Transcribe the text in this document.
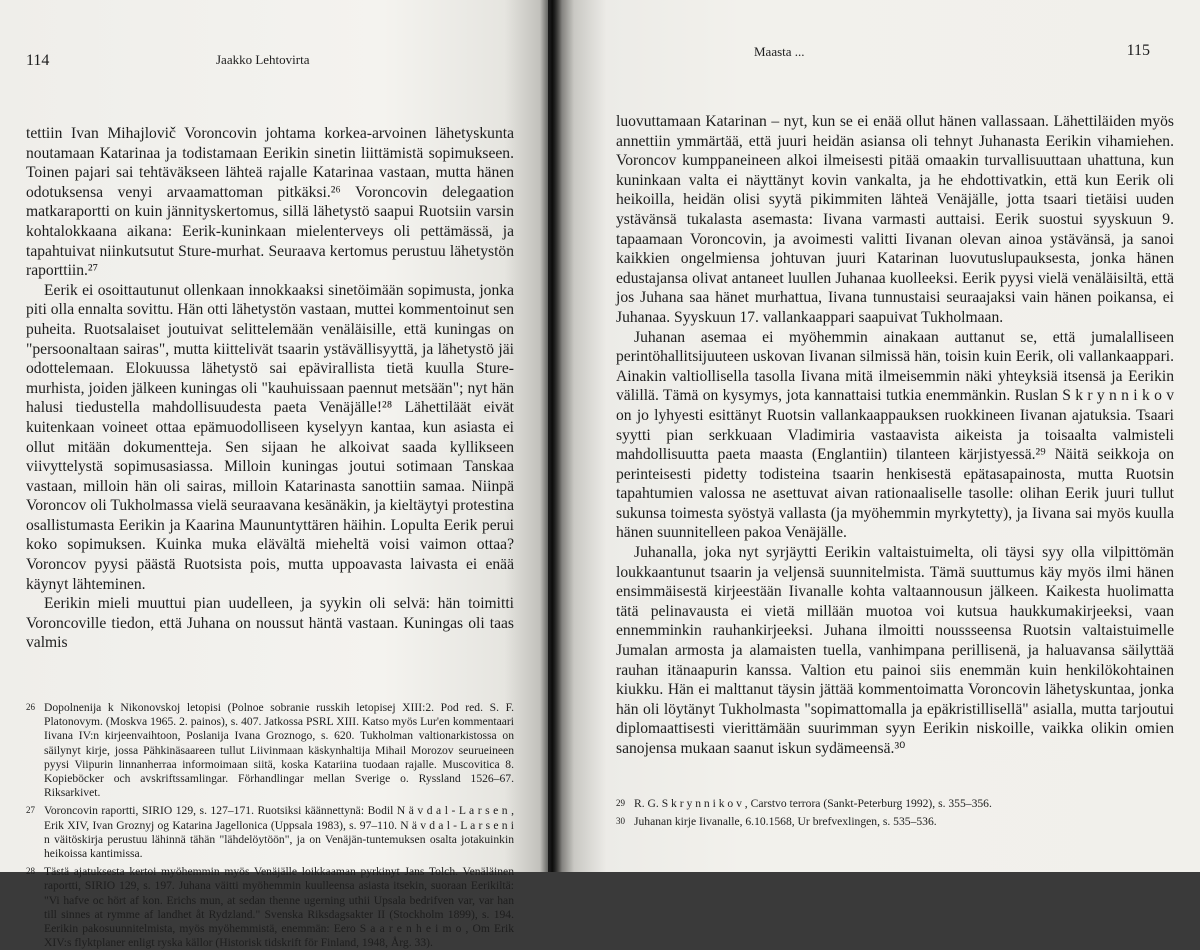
114	Jaakko Lehtovirta

tettiin Ivan Mihajlovič Voroncovin johtama korkea-arvoinen lähetyskunta noutamaan Katarinaa ja todistamaan Eerikin sinetin liittämistä sopimukseen. Toinen pajari sai tehtäväkseen lähteä rajalle Katarinaa vastaan, mutta hänen odotuksensa venyi arvaamattoman pitkäksi.²⁶ Voroncovin delegaation matkaraportti on kuin jännityskertomus, sillä lähetystö saapui Ruotsiin varsin kohtalokkaana aikana: Eerik-kuninkaan mielenterveys oli pettämässä, ja tapahtuivat niinkutsutut Sture-murhat. Seuraava kertomus perustuu lähetystön raporttiin.²⁷

Eerik ei osoittautunut ollenkaan innokkaaksi sinetöimään sopimusta, jonka piti olla ennalta sovittu. Hän otti lähetystön vastaan, muttei kommentoinut sen puheita. Ruotsalaiset joutuivat selittelemään venäläisille, että kuningas on "persoonaltaan sairas", mutta kiittelivät tsaarin ystävällisyyttä, ja lähetystö jäi odottelemaan. Elokuussa lähetystö sai epävirallista tietä kuulla Sture-murhista, joiden jälkeen kuningas oli "kauhuissaan paennut metsään"; nyt hän halusi tiedustella mahdollisuudesta paeta Venäjälle!²⁸ Lähettiläät eivät kuitenkaan voineet ottaa epämuodolliseen kyselyyn kantaa, kun asiasta ei ollut mitään dokumentteja. Sen sijaan he alkoivat saada kyllikseen viivyttelystä sopimusasiassa. Milloin kuningas joutui sotimaan Tanskaa vastaan, milloin hän oli sairas, milloin Katarinasta sanottiin samaa. Niinpä Voroncov oli Tukholmassa vielä seuraavana kesänäkin, ja kieltäytyi protestina osallistumasta Eerikin ja Kaarina Maununtyttären häihin. Lopulta Eerik perui koko sopimuksen. Kuinka muka elävältä mieheltä voisi vaimon ottaa? Voroncov pyysi päästä Ruotsista pois, mutta uppoavasta laivasta ei enää käynyt lähteminen.

Eerikin mieli muuttui pian uudelleen, ja syykin oli selvä: hän toimitti Voroncoville tiedon, että Juhana on noussut häntä vastaan. Kuningas oli taas valmis

26 Dopolnenija k Nikonovskoj letopisi (Polnoe sobranie russkih letopisej XIII:2. Pod red. S. F. Platonovym. (Moskva 1965. 2. painos), s. 407. Jatkossa PSRL XIII. Katso myös Lur'en kommentaari Iivana IV:n kirjeenvaihtoon, Poslanija Ivana Groznogo, s. 620. Tukholman valtionarkistossa on säilynyt kirje, jossa Pähkinäsaareen tullut Liivinmaan käskynhaltija Mihail Morozov seurueineen pyysi Viipurin linnanherraa informoimaan siitä, koska Katariina tuodaan rajalle. Muscovitica 8. Kopieböcker och avskriftssamlingar. Förhandlingar mellan Sverige o. Ryssland 1526–67. Riksarkivet.
27 Voroncovin raportti, SIRIO 129, s. 127–171. Ruotsiksi käännettynä: Bodil N ä v d a l - L a r s e n , Erik XIV, Ivan Groznyj og Katarina Jagellonica (Uppsala 1983), s. 97–110. N ä v d a l - L a r s e n i n väitöskirja perustuu lähinnä tähän "lähdelöytöön", ja on Venäjän-tuntemuksen osalta jotakuinkin heikoissa kantimissa.
28 Tästä ajatuksesta kertoi myöhemmin myös Venäjälle loikkaaman pyrkinyt Jans Tolch. Venäläinen raportti, SIRIO 129, s. 197. Juhana väitti myöhemmin kuulleensa asiasta itsekin, suoraan Eerikiltä: "Vi hafve oc hört af kon. Erichs mun, at sedan thenne ugerning uthii Upsala bedrifven var, var han till sinnes at rymme af landhet åt Rydzland." Svenska Riksdagsakter II (Stockholm 1899), s. 194. Eerikin pakosuunnitelmista, myös myöhemmistä, enemmän: Eero S a a r e n h e i m o , Om Erik XIV:s flyktplaner enligt ryska källor (Historisk tidskrift för Finland, 1948, Årg. 33).
Maasta ...	115

luovuttamaan Katarinan – nyt, kun se ei enää ollut hänen vallassaan. Lähettiläiden myös annettiin ymmärtää, että juuri heidän asiansa oli tehnyt Juhanasta Eerikin vihamiehen. Voroncov kumppaneineen alkoi ilmeisesti pitää omaakin turvallisuuttaan uhattuna, kun kuninkaan valta ei näyttänyt kovin vankalta, ja he ehdottivatkin, että kun Eerik oli heikoilla, heidän olisi syytä pikimmiten lähteä Venäjälle, jotta tsaari tietäisi uuden ystävänsä tukalasta asemasta: Iivana varmasti auttaisi. Eerik suostui syyskuun 9. tapaamaan Voroncovin, ja avoimesti valitti Iivanan olevan ainoa ystävänsä, ja sanoi kaikkien ongelmiensa johtuvan juuri Katarinan luovutuslupauksesta, jonka hänen edustajansa olivat antaneet luullen Juhanaa kuolleeksi. Eerik pyysi vielä venäläisiltä, että jos Juhana saa hänet murhattua, Iivana tunnustaisi seuraajaksi vain hänen poikansa, ei Juhanaa. Syyskuun 17. vallankaappari saapuivat Tukholmaan.

Juhanan asemaa ei myöhemmin ainakaan auttanut se, että jumalalliseen perintöhallitsijuuteen uskovan Iivanan silmissä hän, toisin kuin Eerik, oli vallankaappari. Ainakin valtiollisella tasolla Iivana mitä ilmeisemmin näki yhteyksiä itsensä ja Eerikin välillä. Tämä on kysymys, jota kannattaisi tutkia enemmänkin. Ruslan S k r y n n i k o v on jo lyhyesti esittänyt Ruotsin vallankaappauksen ruokkineen Iivanan ajatuksia. Tsaari syytti pian serkkuaan Vladimiria vastaavista aikeista ja toisaalta valmisteli mahdollisuutta paeta maasta (Englantiin) tilanteen kärjistyessä.²⁹ Näitä seikkoja on perinteisesti pidetty todisteina tsaarin henkisestä epätasapainosta, mutta Ruotsin tapahtumien valossa ne asettuvat aivan rationaaliselle tasolle: olihan Eerik juuri tullut sukunsa toimesta syöstyä vallasta (ja myöhemmin myrkytetty), ja Iivana sai myös kuulla hänen suunnitelleen pakoa Venäjälle.

Juhanalla, joka nyt syrjäytti Eerikin valtaistuimelta, oli täysi syy olla vilpittömän loukkaantunut tsaarin ja veljensä suunnitelmista. Tämä suuttumus käy myös ilmi hänen ensimmäisestä kirjeestään Iivanalle kohta valtaannousun jälkeen. Kaikesta huolimatta tätä pelinavausta ei vietä millään muotoa voi kutsua haukkumakirjeeksi, vaan ennemminkin rauhankirjeeksi. Juhana ilmoitti noussseensa Ruotsin valtaistuimelle Jumalan armosta ja alamaisten tuella, vanhimpana perillisenä, ja haluavansa säilyttää rauhan itänaapurin kanssa. Valtion etu painoi siis enemmän kuin henkilökohtainen kiukku. Hän ei malttanut täysin jättää kommentoimatta Voroncovin lähetyskuntaa, jonka hän oli löytänyt Tukholmasta "sopimattomalla ja epäkristillisellä" asialla, mutta tarjoutui diplomaattisesti vierittämään suurimman syyn Eerikin niskoille, vaikka olikin omien sanojensa mukaan saanut iskun sydämeensä.³⁰

29 R. G. S k r y n n i k o v , Carstvo terrora (Sankt-Peterburg 1992), s. 355–356.
30 Juhanan kirje Iivanalle, 6.10.1568, Ur brefvexlingen, s. 535–536.
